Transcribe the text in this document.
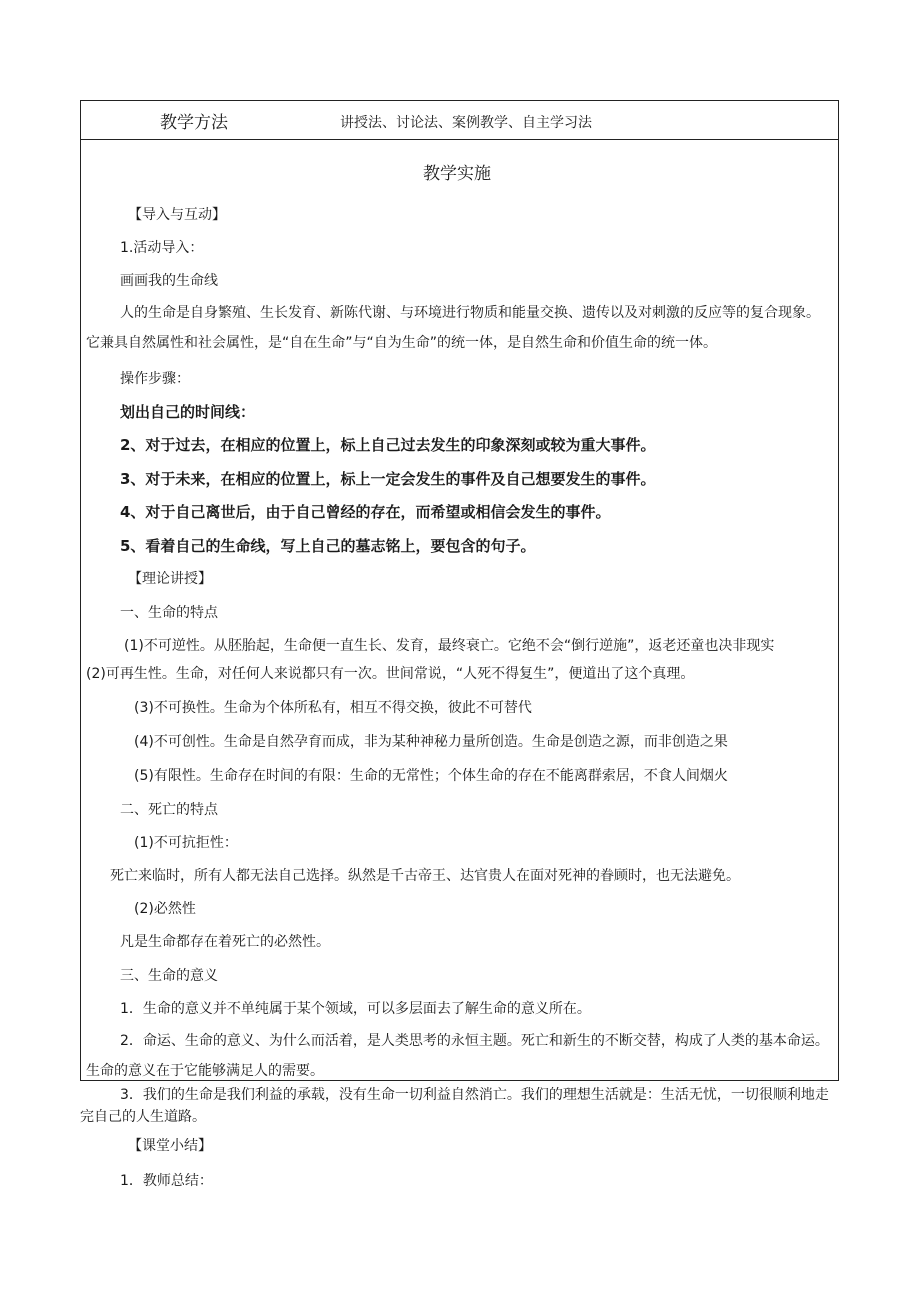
教学方法	讲授法、讨论法、案例教学、自主学习法
教学实施
【导入与互动】
1.活动导入：
画画我的生命线
人的生命是自身繁殖、生长发育、新陈代谢、与环境进行物质和能量交换、遗传以及对刺激的反应等的复合现象。它兼具自然属性和社会属性，是“自在生命”与“自为生命”的统一体，是自然生命和价值生命的统一体。
操作步骤：
划出自己的时间线：
2、对于过去，在相应的位置上，标上自己过去发生的印象深刻或较为重大事件。
3、对于未来，在相应的位置上，标上一定会发生的事件及自己想要发生的事件。
4、对于自己离世后，由于自己曾经的存在，而希望或相信会发生的事件。
5、看着自己的生命线，写上自己的墓志铭上，要包含的句子。
【理论讲授】
一、生命的特点
(1)不可逆性。从胚胎起，生命便一直生长、发育，最终衰亡。它绝不会“倒行逆施”，返老还童也决非现实
(2)可再生性。生命，对任何人来说都只有一次。世间常说，“人死不得复生”，便道出了这个真理。
(3)不可换性。生命为个体所私有，相互不得交换，彼此不可替代
(4)不可创性。生命是自然孕育而成，非为某种神秘力量所创造。生命是创造之源，而非创造之果
(5)有限性。生命存在时间的有限：生命的无常性；个体生命的存在不能离群索居，不食人间烟火
二、死亡的特点
(1)不可抗拒性：
死亡来临时，所有人都无法自己选择。纵然是千古帝王、达官贵人在面对死神的眷顾时，也无法避免。
(2)必然性
凡是生命都存在着死亡的必然性。
三、生命的意义
1．生命的意义并不单纯属于某个领域，可以多层面去了解生命的意义所在。
2．命运、生命的意义、为什么而活着，是人类思考的永恒主题。死亡和新生的不断交替，构成了人类的基本命运。生命的意义在于它能够满足人的需要。
3．我们的生命是我们利益的承载，没有生命一切利益自然消亡。我们的理想生活就是：生活无忧，一切很顺利地走完自己的人生道路。
【课堂小结】
1．教师总结：
